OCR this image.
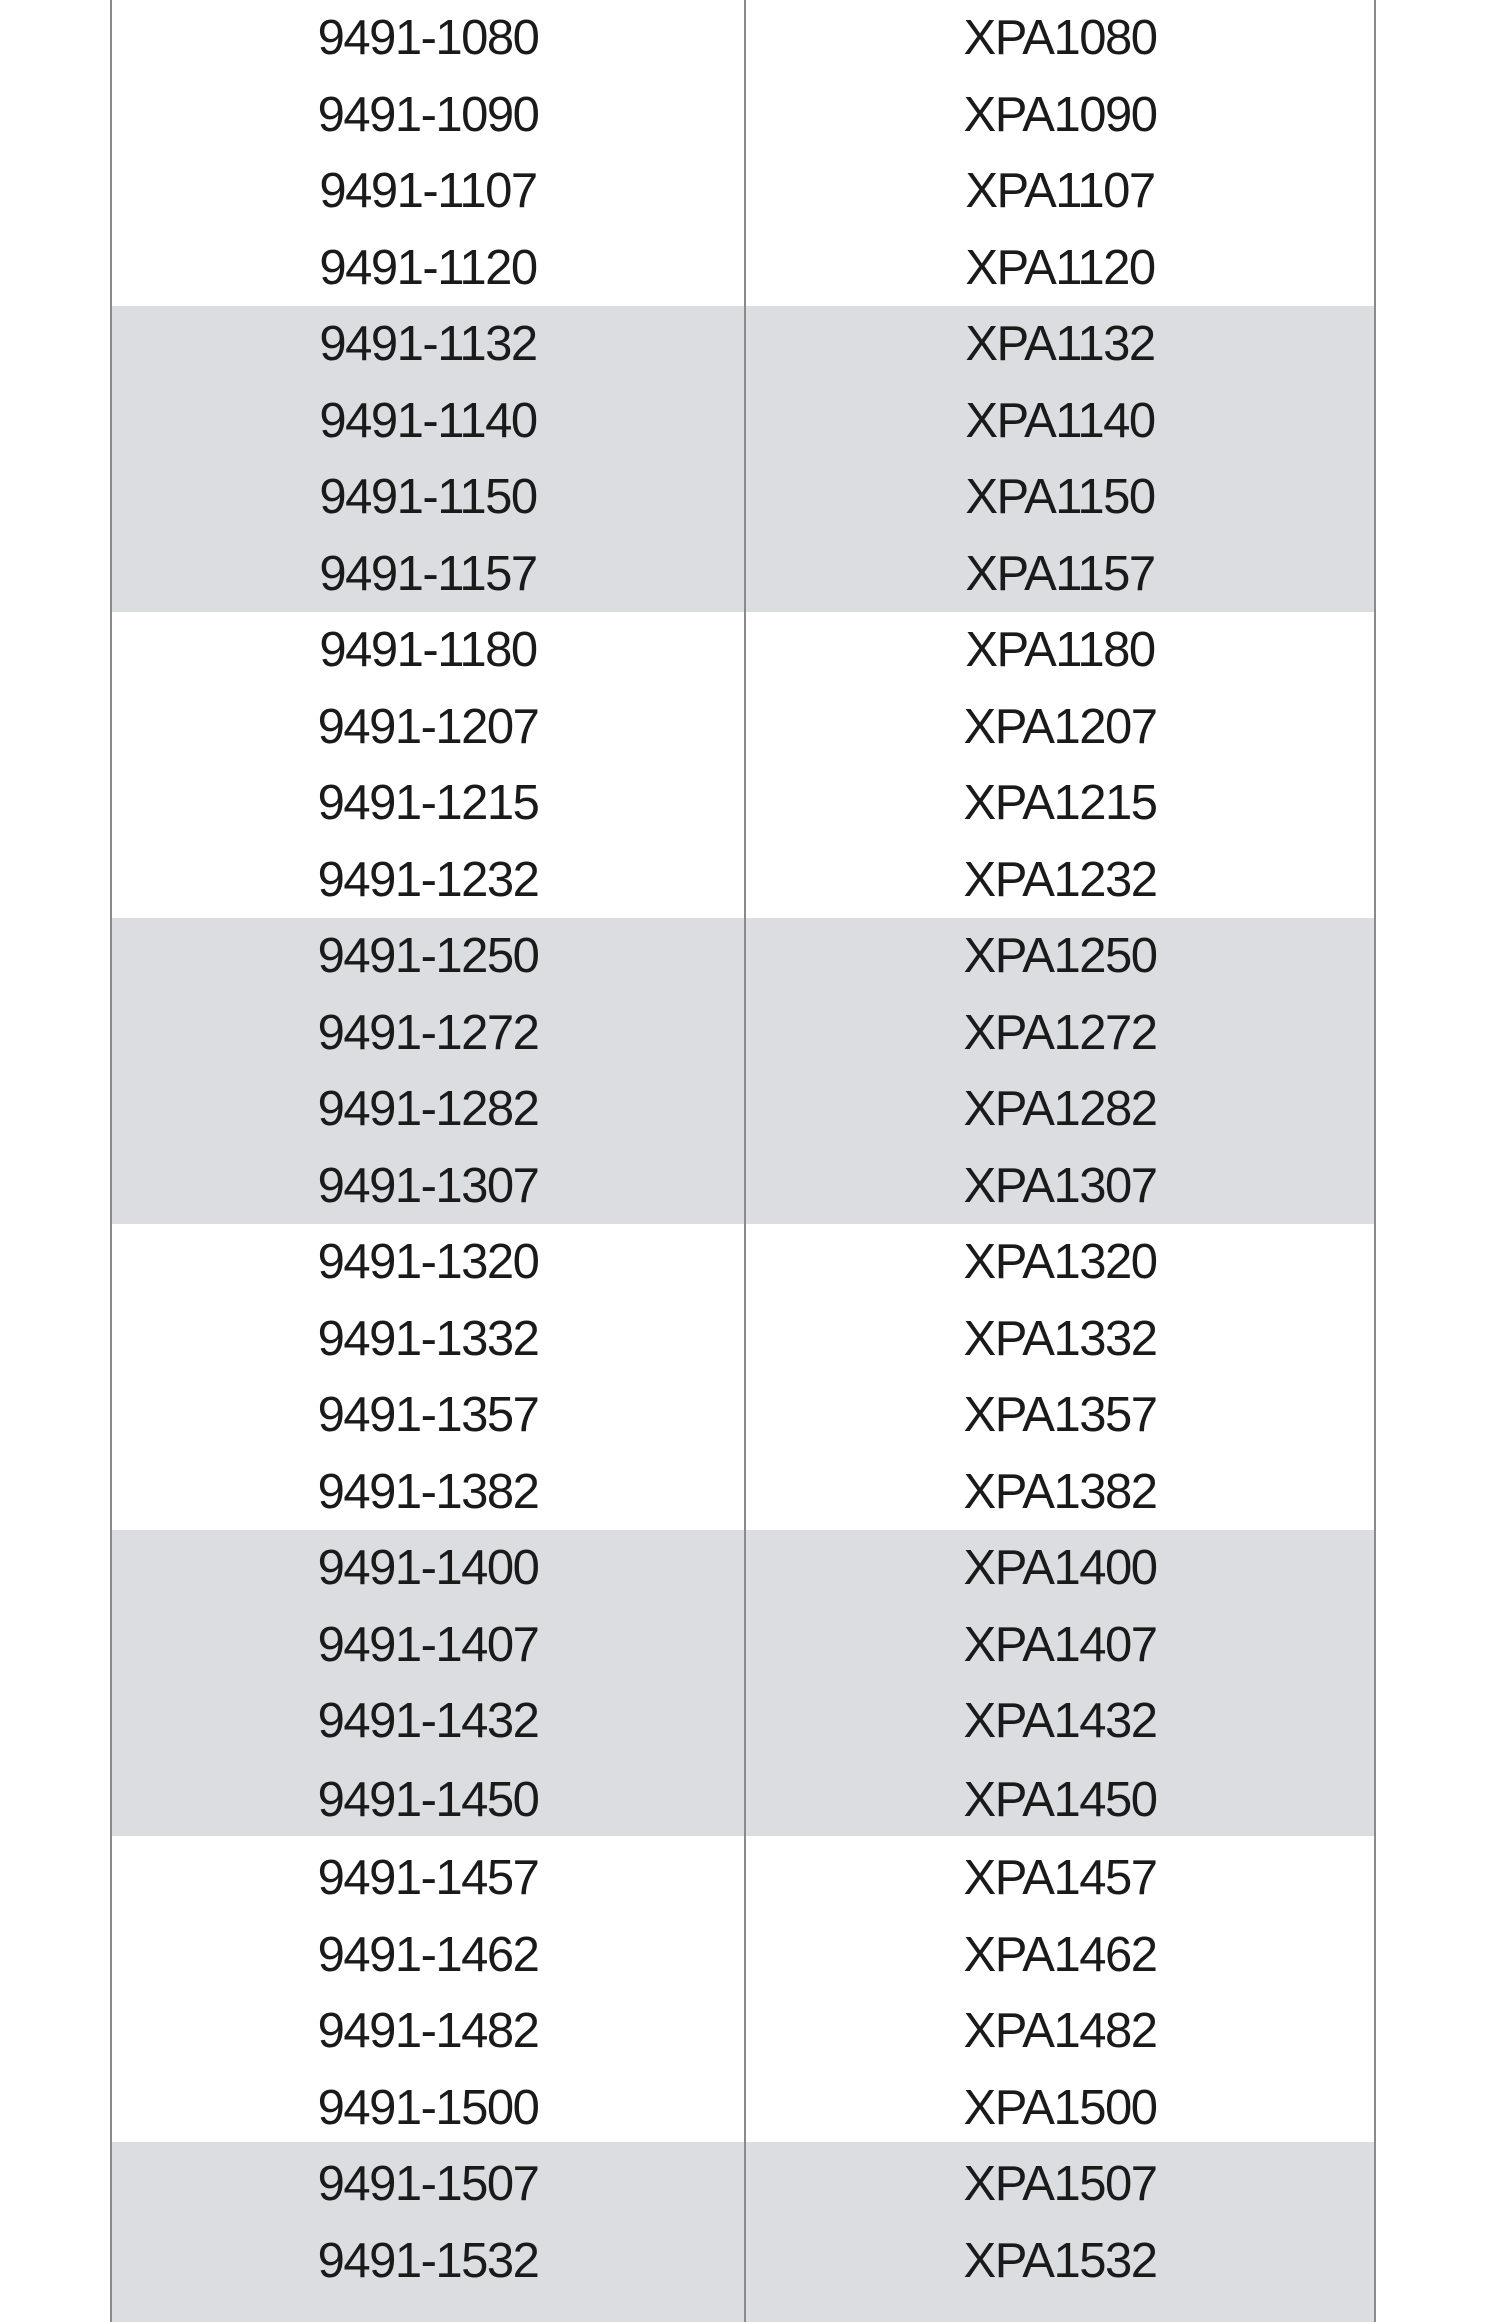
9491-1080	XPA1080
9491-1090	XPA1090
9491-1107	XPA1107
9491-1120	XPA1120
9491-1132	XPA1132
9491-1140	XPA1140
9491-1150	XPA1150
9491-1157	XPA1157
9491-1180	XPA1180
9491-1207	XPA1207
9491-1215	XPA1215
9491-1232	XPA1232
9491-1250	XPA1250
9491-1272	XPA1272
9491-1282	XPA1282
9491-1307	XPA1307
9491-1320	XPA1320
9491-1332	XPA1332
9491-1357	XPA1357
9491-1382	XPA1382
9491-1400	XPA1400
9491-1407	XPA1407
9491-1432	XPA1432
9491-1450	XPA1450
9491-1457	XPA1457
9491-1462	XPA1462
9491-1482	XPA1482
9491-1500	XPA1500
9491-1507	XPA1507
9491-1532	XPA1532
